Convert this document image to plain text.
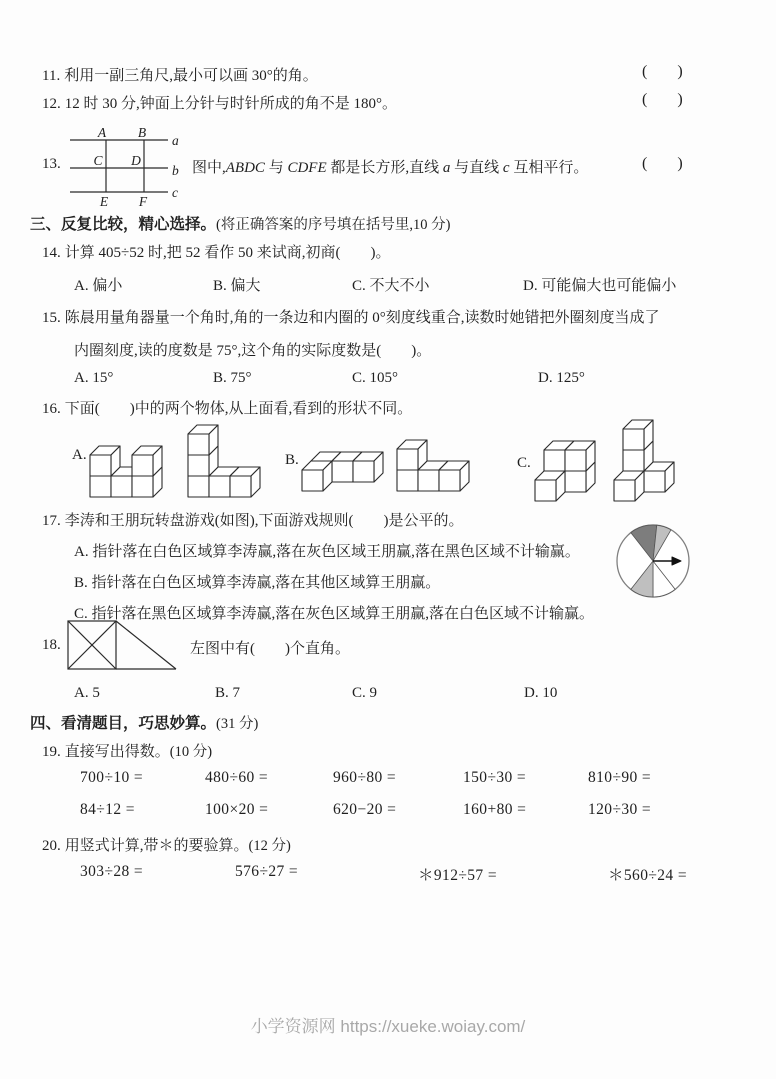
11. 利用一副三角尺,最小可以画 30°的角。	( )
12. 12 时 30 分,钟面上分针与时针所成的角不是 180°。	( )
13.
A B
C D
E F
a
b
c
图中,ABDC 与 CDFE 都是长方形,直线 a 与直线 c 互相平行。	( )
三、反复比较，精心选择。(将正确答案的序号填在括号里,10 分)
14. 计算 405÷52 时,把 52 看作 50 来试商,初商(　　)。
A. 偏小	B. 偏大	C. 不大不小	D. 可能偏大也可能偏小
15. 陈晨用量角器量一个角时,角的一条边和内圈的 0°刻度线重合,读数时她错把外圈刻度当成了
内圈刻度,读的度数是 75°,这个角的实际度数是(　　)。
A. 15°	B. 75°	C. 105°	D. 125°
16. 下面(　　)中的两个物体,从上面看,看到的形状不同。
A.	B.	C.
17. 李涛和王朋玩转盘游戏(如图),下面游戏规则(　　)是公平的。
A. 指针落在白色区域算李涛赢,落在灰色区域王朋赢,落在黑色区域不计输赢。
B. 指针落在白色区域算李涛赢,落在其他区域算王朋赢。
C. 指针落在黑色区域算李涛赢,落在灰色区域算王朋赢,落在白色区域不计输赢。
18.	左图中有(　　)个直角。
A. 5	B. 7	C. 9	D. 10
四、看清题目，巧思妙算。(31 分)
19. 直接写出得数。(10 分)
700÷10 =	480÷60 =	960÷80 =	150÷30 =	810÷90 =
84÷12 =	100×20 =	620−20 =	160+80 =	120÷30 =
20. 用竖式计算,带＊的要验算。(12 分)
303÷28 =	576÷27 =	＊912÷57 =	＊560÷24 =
小学资源网 https://xueke.woiay.com/
